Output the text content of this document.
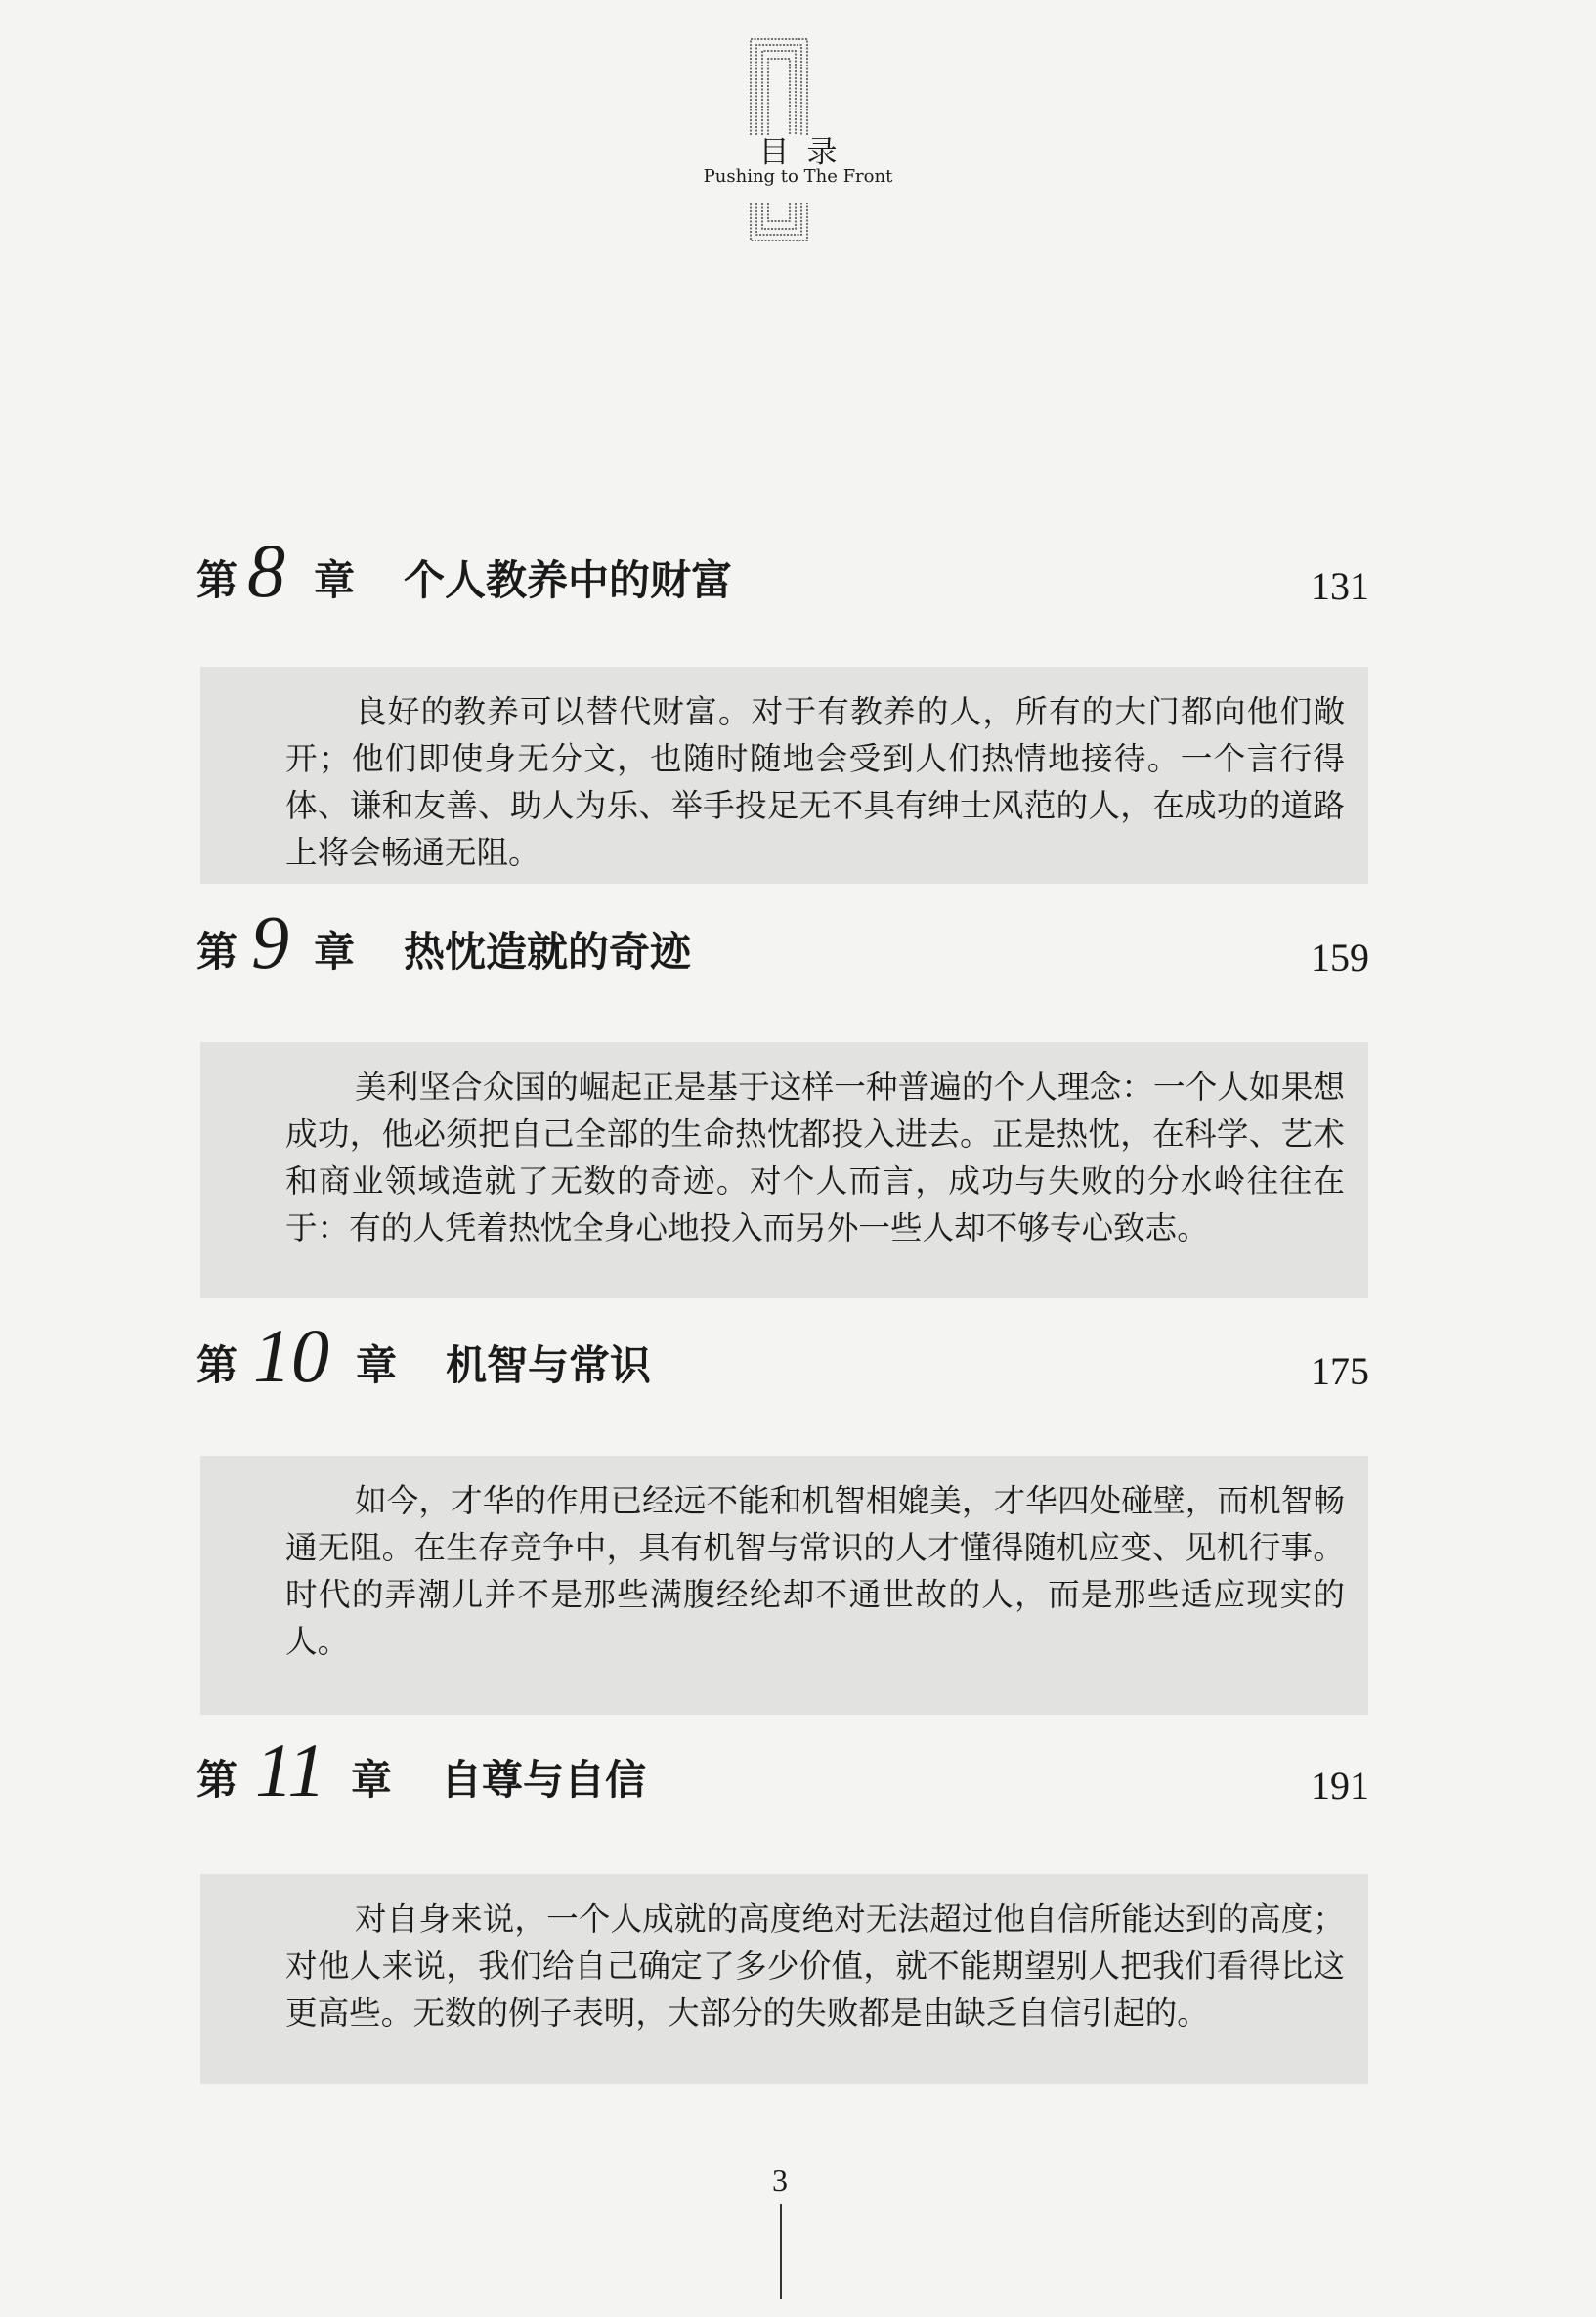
目录
Pushing to The Front
第 8 章 个人教养中的财富	131

良好的教养可以替代财富。对于有教养的人，所有的大门都向他们敞开；他们即使身无分文，也随时随地会受到人们热情地接待。一个言行得体、谦和友善、助人为乐、举手投足无不具有绅士风范的人，在成功的道路上将会畅通无阻。

第 9 章 热忱造就的奇迹	159

美利坚合众国的崛起正是基于这样一种普遍的个人理念：一个人如果想成功，他必须把自己全部的生命热忱都投入进去。正是热忱，在科学、艺术和商业领域造就了无数的奇迹。对个人而言，成功与失败的分水岭往往在于：有的人凭着热忱全身心地投入而另外一些人却不够专心致志。

第 10 章 机智与常识	175

如今，才华的作用已经远不能和机智相媲美，才华四处碰壁，而机智畅通无阻。在生存竞争中，具有机智与常识的人才懂得随机应变、见机行事。时代的弄潮儿并不是那些满腹经纶却不通世故的人，而是那些适应现实的人。

第 11 章 自尊与自信	191

对自身来说，一个人成就的高度绝对无法超过他自信所能达到的高度；对他人来说，我们给自己确定了多少价值，就不能期望别人把我们看得比这更高些。无数的例子表明，大部分的失败都是由缺乏自信引起的。

3
